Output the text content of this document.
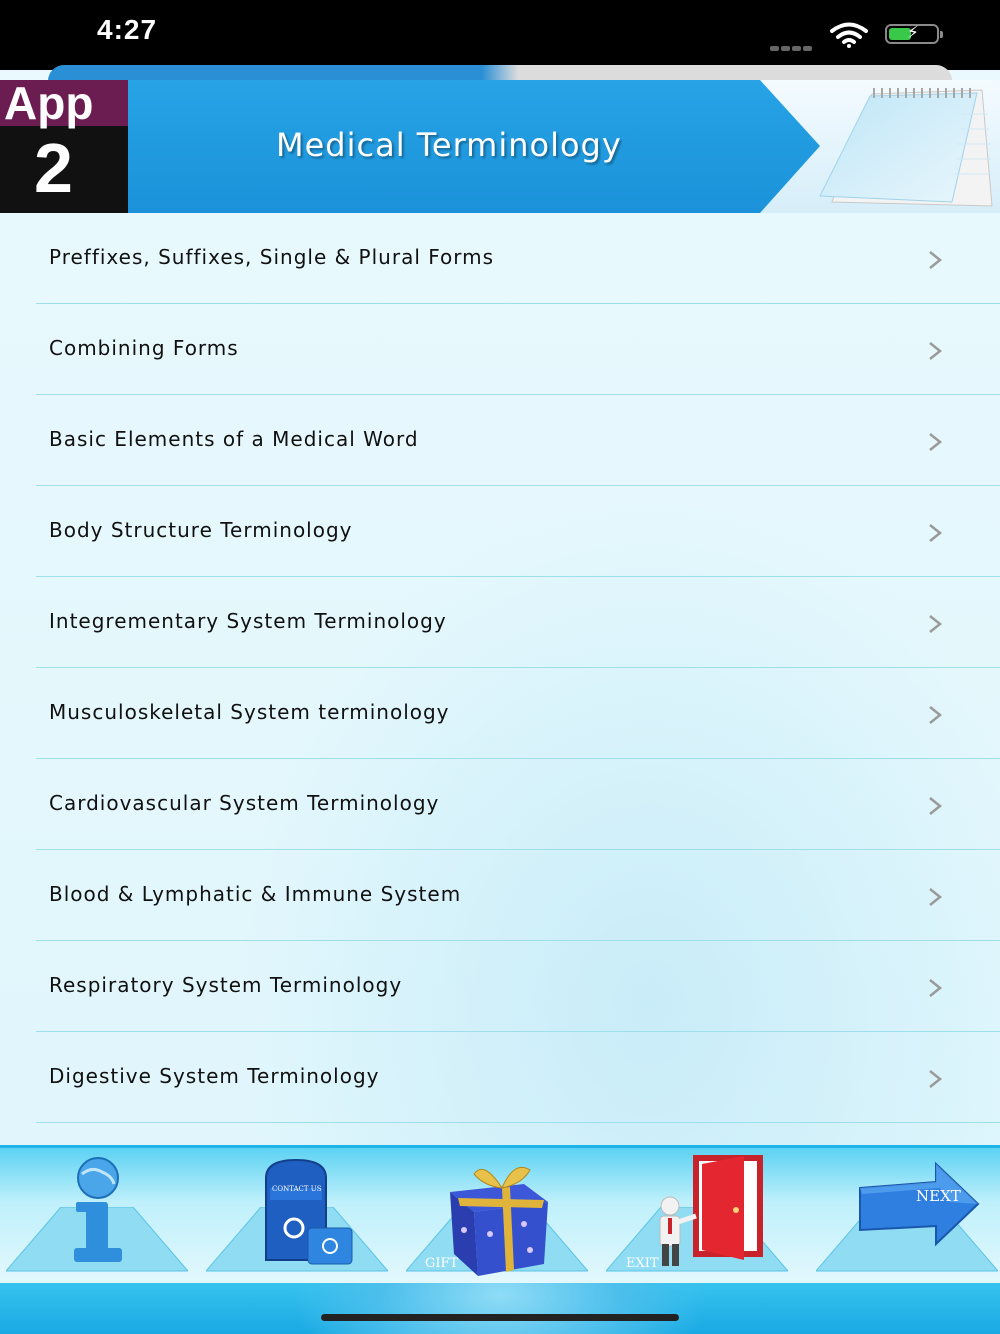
4:27	⚡
App
2	Medical Terminology
Preffixes, Suffixes, Single & Plural Forms
Combining Forms
Basic Elements of a Medical Word
Body Structure Terminology
Integrementary System Terminology
Musculoskeletal System terminology
Cardiovascular System Terminology
Blood & Lymphatic & Immune System
Respiratory System Terminology
Digestive System Terminology
CONTACT US
GIFT	EXIT
NEXT
